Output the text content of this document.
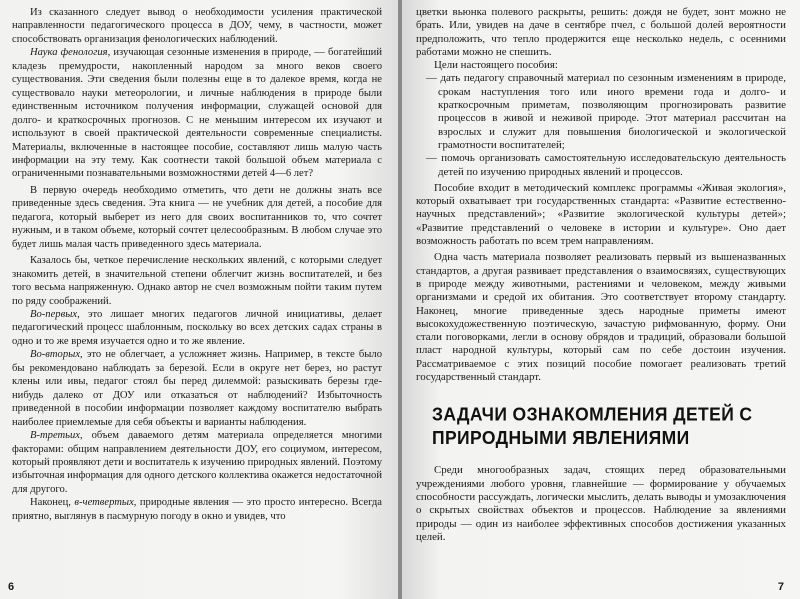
Из сказанного следует вывод о необходимости усиления практической направленности педагогического процесса в ДОУ, чему, в частности, может способствовать организация фенологических наблюдений.

Наука фенология, изучающая сезонные изменения в природе, — богатейший кладезь премудрости, накопленный народом за много веков своего существования. Эти сведения были полезны еще в то далекое время, когда не существовало науки метеорологии, и личные наблюдения в природе были единственным источником получения информации, служащей основой для долго- и краткосрочных прогнозов. С не меньшим интересом их изучают и используют в своей практической деятельности современные специалисты. Материалы, включенные в настоящее пособие, составляют лишь малую часть информации на эту тему. Как соотнести такой большой объем материала с ограниченными познавательными возможностями детей 4—6 лет?

В первую очередь необходимо отметить, что дети не должны знать все приведенные здесь сведения. Эта книга — не учебник для детей, а пособие для педагога, который выберет из него для своих воспитанников то, что сочтет нужным, и в таком объеме, который сочтет целесообразным. В любом случае это будет лишь малая часть приведенного здесь материала.

Казалось бы, четкое перечисление нескольких явлений, с которыми следует знакомить детей, в значительной степени облегчит жизнь воспитателей, и без того весьма напряженную. Однако автор не счел возможным пойти таким путем по ряду соображений.

Во-первых, это лишает многих педагогов личной инициативы, делает педагогический процесс шаблонным, поскольку во всех детских садах страны в одно и то же время изучается одно и то же явление.

Во-вторых, это не облегчает, а усложняет жизнь. Например, в тексте было бы рекомендовано наблюдать за березой. Если в округе нет берез, но растут клены или ивы, педагог стоял бы перед дилеммой: разыскивать березы где-нибудь далеко от ДОУ или отказаться от наблюдений? Избыточность приведенной в пособии информации позволяет каждому воспитателю выбрать наиболее приемлемые для себя объекты и варианты наблюдения.

В-третьих, объем даваемого детям материала определяется многими факторами: общим направлением деятельности ДОУ, его социумом, интересом, который проявляют дети и воспитатель к изучению природных явлений. Поэтому избыточная информация для одного детского коллектива окажется недостаточной для другого.

Наконец, в-четвертых, природные явления — это просто интересно. Всегда приятно, выглянув в пасмурную погоду в окно и увидев, что

6

цветки вьюнка полевого раскрыты, решить: дождя не будет, зонт можно не брать. Или, увидев на даче в сентябре пчел, с большой долей вероятности предположить, что тепло продержится еще несколько недель, с осенними работами можно не спешить.

Цели настоящего пособия:

— дать педагогу справочный материал по сезонным изменениям в природе, срокам наступления того или иного времени года и долго- и краткосрочным приметам, позволяющим прогнозировать развитие процессов в живой и неживой природе. Этот материал рассчитан на взрослых и служит для повышения биологической и экологической грамотности воспитателей;

— помочь организовать самостоятельную исследовательскую деятельность детей по изучению природных явлений и процессов.

Пособие входит в методический комплекс программы «Живая экология», который охватывает три государственных стандарта: «Развитие естественно-научных представлений»; «Развитие экологической культуры детей»; «Развитие представлений о человеке в истории и культуре». Оно дает возможность работать по всем трем направлениям.

Одна часть материала позволяет реализовать первый из вышеназванных стандартов, а другая развивает представления о взаимосвязях, существующих в природе между животными, растениями и человеком, между живыми организмами и средой их обитания. Это соответствует второму стандарту. Наконец, многие приведенные здесь народные приметы имеют высокохудожественную поэтическую, зачастую рифмованную, форму. Они стали поговорками, легли в основу обрядов и традиций, образовали большой пласт народной культуры, который сам по себе достоин изучения. Рассматриваемое с этих позиций пособие помогает реализовать третий государственный стандарт.

ЗАДАЧИ ОЗНАКОМЛЕНИЯ ДЕТЕЙ С ПРИРОДНЫМИ ЯВЛЕНИЯМИ

Среди многообразных задач, стоящих перед образовательными учреждениями любого уровня, главнейшие — формирование у обучаемых способности рассуждать, логически мыслить, делать выводы и умозаключения о скрытых свойствах объектов и процессов. Наблюдение за явлениями природы — один из наиболее эффективных способов достижения указанных целей.

7
